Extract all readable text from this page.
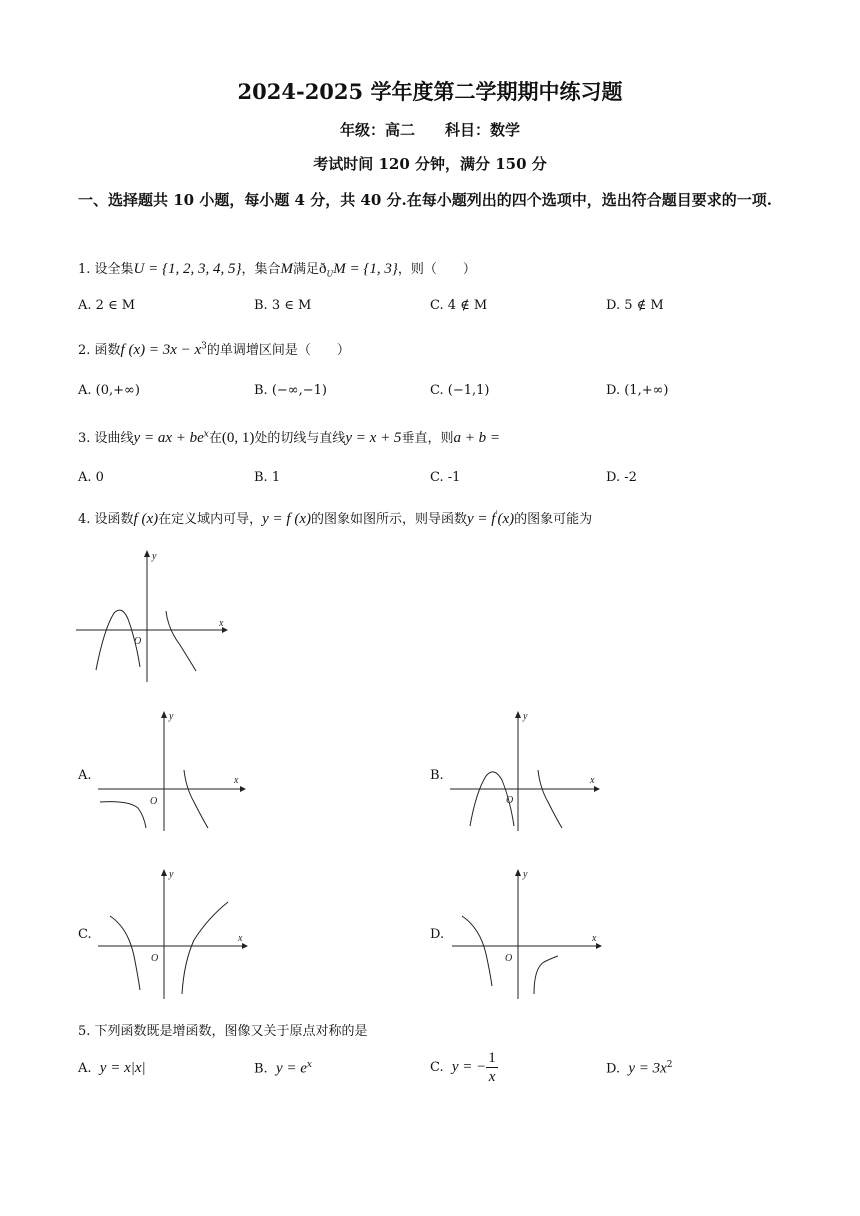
2024-2025 学年度第二学期期中练习题
年级：高二　　科目：数学
考试时间 120 分钟，满分 150 分
一、选择题共 10 小题，每小题 4 分，共 40 分.在每小题列出的四个选项中，选出符合题目要求的一项.
1. 设全集U = {1, 2, 3, 4, 5}，集合M满足$ð_UM = \{1$, 3}，则（　　）
A. 2 ∈ M	B. 3 ∈ M	C. 4 ∉ M	D. 5 ∉ M
2. 函数f $(x) = 3x - x^3$的单调增区间是（　　）
A. (0,+∞)	B. (−∞,−1)	C. (−1,1)	D. (1,+∞)
3. 设曲线y = ax + $be^x$在(0, 1)处的切线与直线y = x + 5垂直，则a + b =
A. 0	B. 1	C. -1	D. -2
4. 设函数f (x)在定义域内可导，y = f (x)的图象如图所示，则导函数y = f′(x)的图象可能为
x
y
O
A.	x
y
O
B.	x
y
O
C.	x
y
O
D.	x
y
O
5. 下列函数既是增函数，图像又关于原点对称的是
A. y = x|x|	B. $y = e^x$	C. y = − $\frac{1}{x}$	D. $y = 3x^2$
